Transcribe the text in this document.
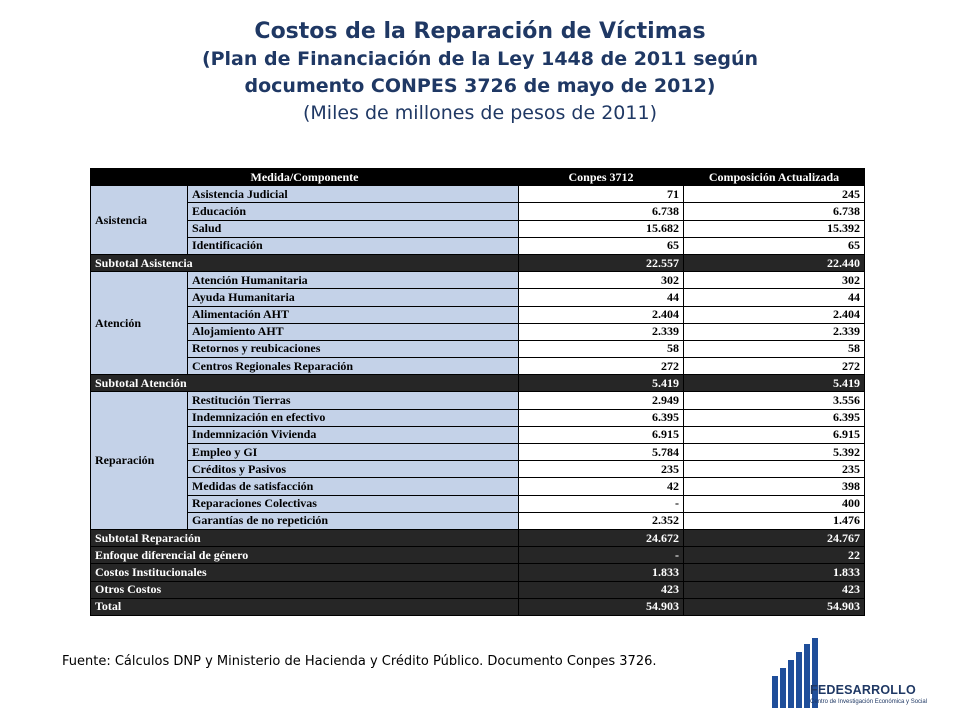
Costos de la Reparación de Víctimas
(Plan de Financiación de la Ley 1448 de 2011 según
documento CONPES 3726 de mayo de 2012)
(Miles de millones de pesos de 2011)
Medida/Componente		Conpes 3712	Composición Actualizada
Asistencia	Asistencia Judicial	71	245
	Educación	6.738	6.738
	Salud	15.682	15.392
	Identificación	65	65
Subtotal Asistencia		22.557	22.440
Atención	Atención Humanitaria	302	302
	Ayuda Humanitaria	44	44
	Alimentación AHT	2.404	2.404
	Alojamiento AHT	2.339	2.339
	Retornos y reubicaciones	58	58
	Centros Regionales Reparación	272	272
Subtotal Atención		5.419	5.419
Reparación	Restitución Tierras	2.949	3.556
	Indemnización en efectivo	6.395	6.395
	Indemnización Vivienda	6.915	6.915
	Empleo y GI	5.784	5.392
	Créditos y Pasivos	235	235
	Medidas de satisfacción	42	398
	Reparaciones Colectivas	-	400
	Garantías de no repetición	2.352	1.476
Subtotal Reparación		24.672	24.767
Enfoque diferencial de género		-	22
Costos Institucionales		1.833	1.833
Otros Costos		423	423
Total		54.903	54.903
Fuente: Cálculos DNP y Ministerio de Hacienda y Crédito Público. Documento Conpes 3726.
FEDESARROLLO
Centro de Investigación Económica y Social
